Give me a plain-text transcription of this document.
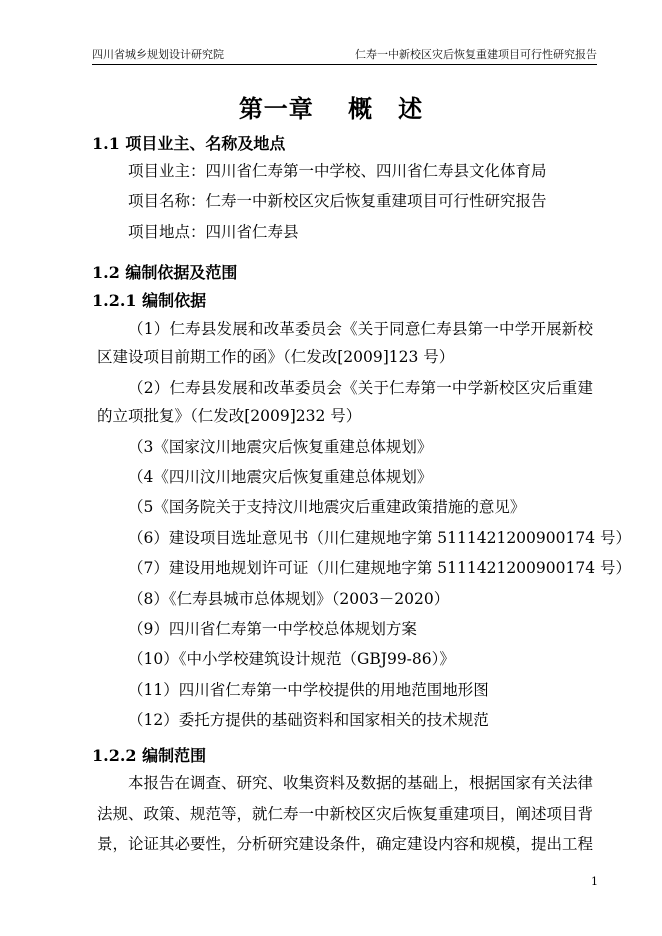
四川省城乡规划设计研究院	仁寿一中新校区灾后恢复重建项目可行性研究报告
第一章　 概　述
1.1 项目业主、名称及地点
项目业主：四川省仁寿第一中学校、四川省仁寿县文化体育局
项目名称：仁寿一中新校区灾后恢复重建项目可行性研究报告
项目地点：四川省仁寿县
1.2 编制依据及范围
1.2.1 编制依据
（1）仁寿县发展和改革委员会《关于同意仁寿县第一中学开展新校
区建设项目前期工作的函》（仁发改[2009]123 号）
（2）仁寿县发展和改革委员会《关于仁寿第一中学新校区灾后重建
的立项批复》（仁发改[2009]232 号）
（3《国家汶川地震灾后恢复重建总体规划》
（4《四川汶川地震灾后恢复重建总体规划》
（5《国务院关于支持汶川地震灾后重建政策措施的意见》
（6）建设项目选址意见书（川仁建规地字第 5111421200900174 号）
（7）建设用地规划许可证（川仁建规地字第 5111421200900174 号）
（8）《仁寿县城市总体规划》（2003－2020）
（9）四川省仁寿第一中学校总体规划方案
（10）《中小学校建筑设计规范（GBJ99-86）》
（11）四川省仁寿第一中学校提供的用地范围地形图
（12）委托方提供的基础资料和国家相关的技术规范
1.2.2 编制范围
本报告在调查、研究、收集资料及数据的基础上，根据国家有关法律
法规、政策、规范等，就仁寿一中新校区灾后恢复重建项目，阐述项目背
景，论证其必要性，分析研究建设条件，确定建设内容和规模，提出工程
1
